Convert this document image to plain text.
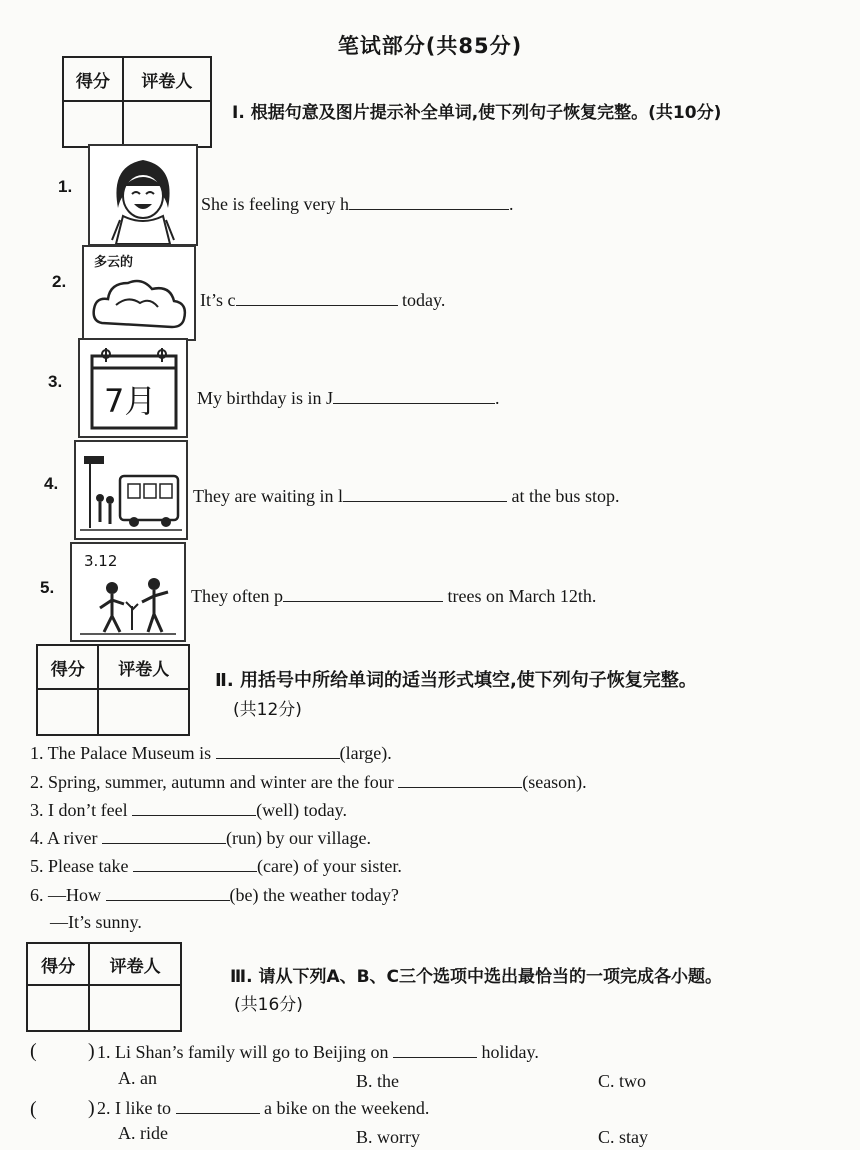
笔试部分(共85分)
得分	评卷人

Ⅰ. 根据句意及图片提示补全单词,使下列句子恢复完整。(共10分)
1.
She is feeling very h	.
2.
多云的
It’s c	today.
3.
7月 My birthday is in J	.
4.
They are waiting in l	at the bus stop.
5.
3.12
They often p	trees on March 12th.
得分	评卷人

Ⅱ. 用括号中所给单词的适当形式填空,使下列句子恢复完整。
(共12分)
1. The Palace Museum is	(large).
2. Spring, summer, autumn and winter are the four	(season).
3. I don’t feel	(well) today.
4. A river	(run) by our village.
5. Please take	(care) of your sister.
6. —How	(be) the weather today?
—It’s sunny.
得分	评卷人

Ⅲ. 请从下列A、B、C三个选项中选出最恰当的一项完成各小题。
(共16分)
(	) 1. Li Shan’s family will go to Beijing on	holiday.
A. an	B. the	C. two
(	) 2. I like to	a bike on the weekend.
A. ride	B. worry	C. stay
